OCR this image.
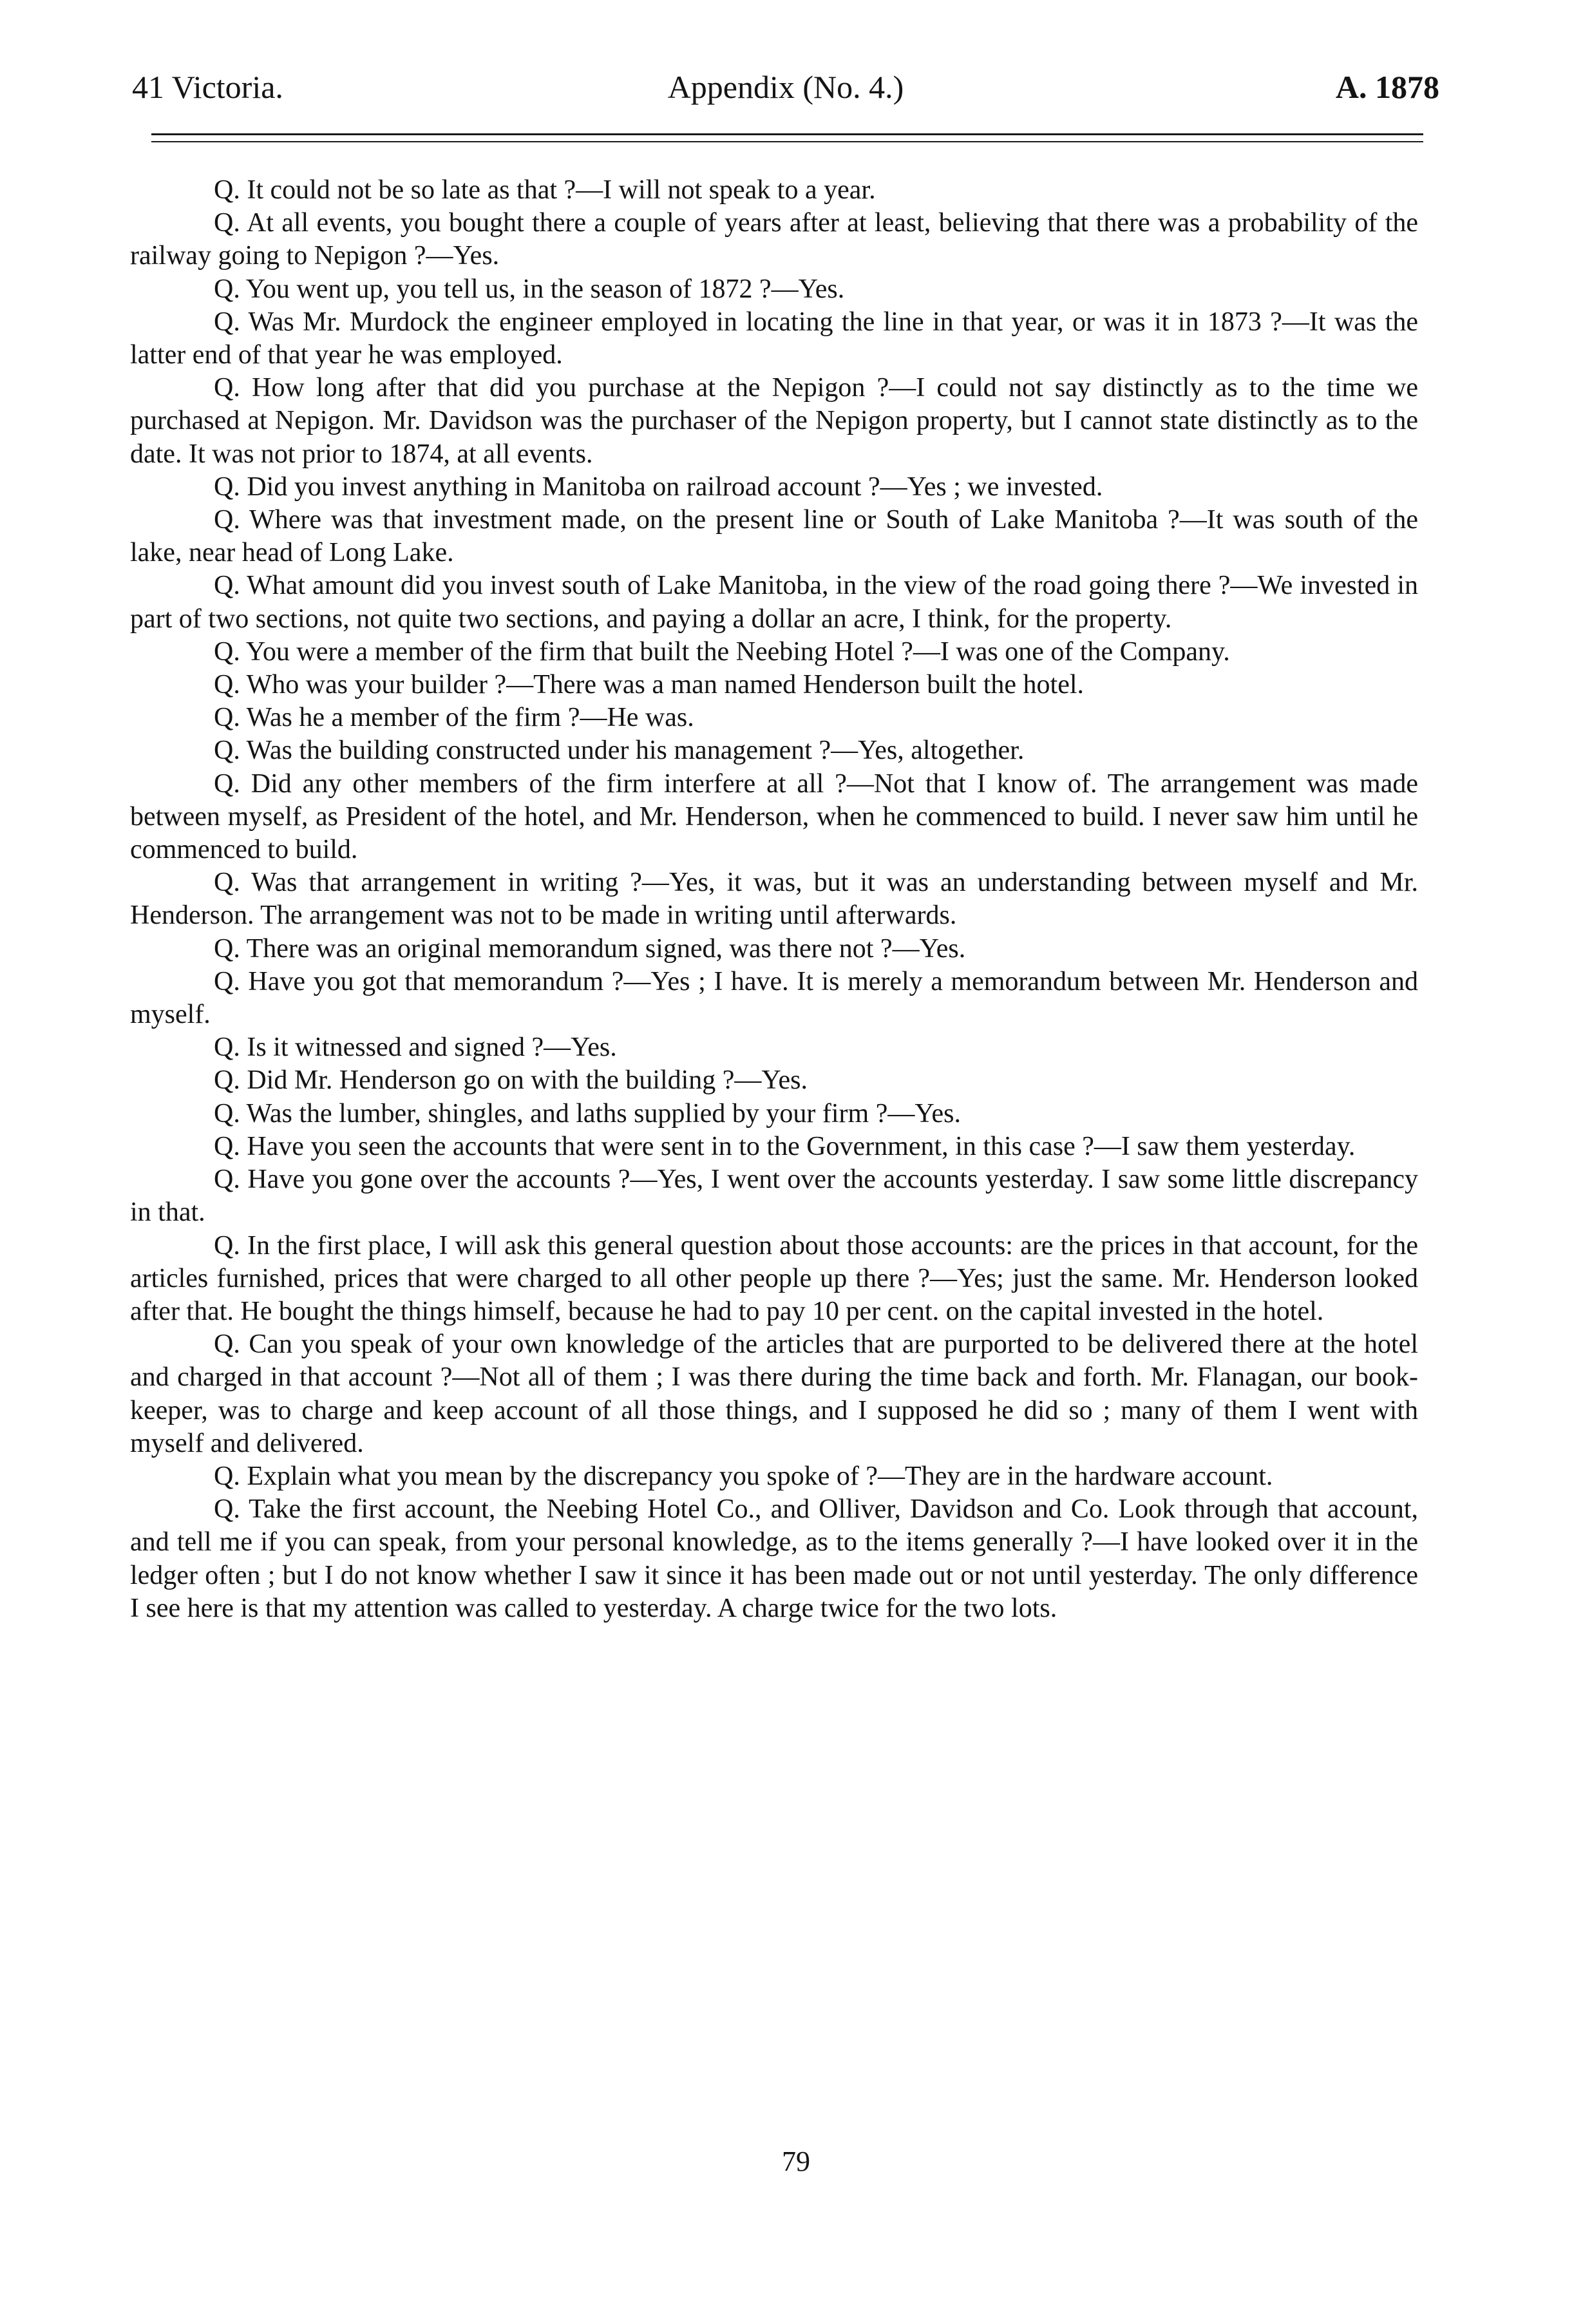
41 Victoria.	Appendix (No. 4.)	A. 1878

Q. It could not be so late as that ?—I will not speak to a year.

Q. At all events, you bought there a couple of years after at least, believing that there was a probability of the railway going to Nepigon ?—Yes.

Q. You went up, you tell us, in the season of 1872 ?—Yes.

Q. Was Mr. Murdock the engineer employed in locating the line in that year, or was it in 1873 ?—It was the latter end of that year he was employed.

Q. How long after that did you purchase at the Nepigon ?—I could not say distinctly as to the time we purchased at Nepigon. Mr. Davidson was the purchaser of the Nepigon property, but I cannot state distinctly as to the date. It was not prior to 1874, at all events.

Q. Did you invest anything in Manitoba on railroad account ?—Yes ; we invested.

Q. Where was that investment made, on the present line or South of Lake Manitoba ?—It was south of the lake, near head of Long Lake.

Q. What amount did you invest south of Lake Manitoba, in the view of the road going there ?—We invested in part of two sections, not quite two sections, and paying a dollar an acre, I think, for the property.

Q. You were a member of the firm that built the Neebing Hotel ?—I was one of the Company.

Q. Who was your builder ?—There was a man named Henderson built the hotel.

Q. Was he a member of the firm ?—He was.

Q. Was the building constructed under his management ?—Yes, altogether.

Q. Did any other members of the firm interfere at all ?—Not that I know of. The arrangement was made between myself, as President of the hotel, and Mr. Henderson, when he commenced to build. I never saw him until he commenced to build.

Q. Was that arrangement in writing ?—Yes, it was, but it was an understanding between myself and Mr. Henderson. The arrangement was not to be made in writing until afterwards.

Q. There was an original memorandum signed, was there not ?—Yes.

Q. Have you got that memorandum ?—Yes ; I have. It is merely a memorandum between Mr. Henderson and myself.

Q. Is it witnessed and signed ?—Yes.

Q. Did Mr. Henderson go on with the building ?—Yes.

Q. Was the lumber, shingles, and laths supplied by your firm ?—Yes.

Q. Have you seen the accounts that were sent in to the Government, in this case ?—I saw them yesterday.

Q. Have you gone over the accounts ?—Yes, I went over the accounts yesterday. I saw some little discrepancy in that.

Q. In the first place, I will ask this general question about those accounts: are the prices in that account, for the articles furnished, prices that were charged to all other people up there ?—Yes; just the same. Mr. Henderson looked after that. He bought the things himself, because he had to pay 10 per cent. on the capital invested in the hotel.

Q. Can you speak of your own knowledge of the articles that are purported to be delivered there at the hotel and charged in that account ?—Not all of them ; I was there during the time back and forth. Mr. Flanagan, our book-keeper, was to charge and keep account of all those things, and I supposed he did so ; many of them I went with myself and delivered.

Q. Explain what you mean by the discrepancy you spoke of ?—They are in the hardware account.

Q. Take the first account, the Neebing Hotel Co., and Olliver, Davidson and Co. Look through that account, and tell me if you can speak, from your personal knowledge, as to the items generally ?—I have looked over it in the ledger often ; but I do not know whether I saw it since it has been made out or not until yesterday. The only difference I see here is that my attention was called to yesterday. A charge twice for the two lots.

79
